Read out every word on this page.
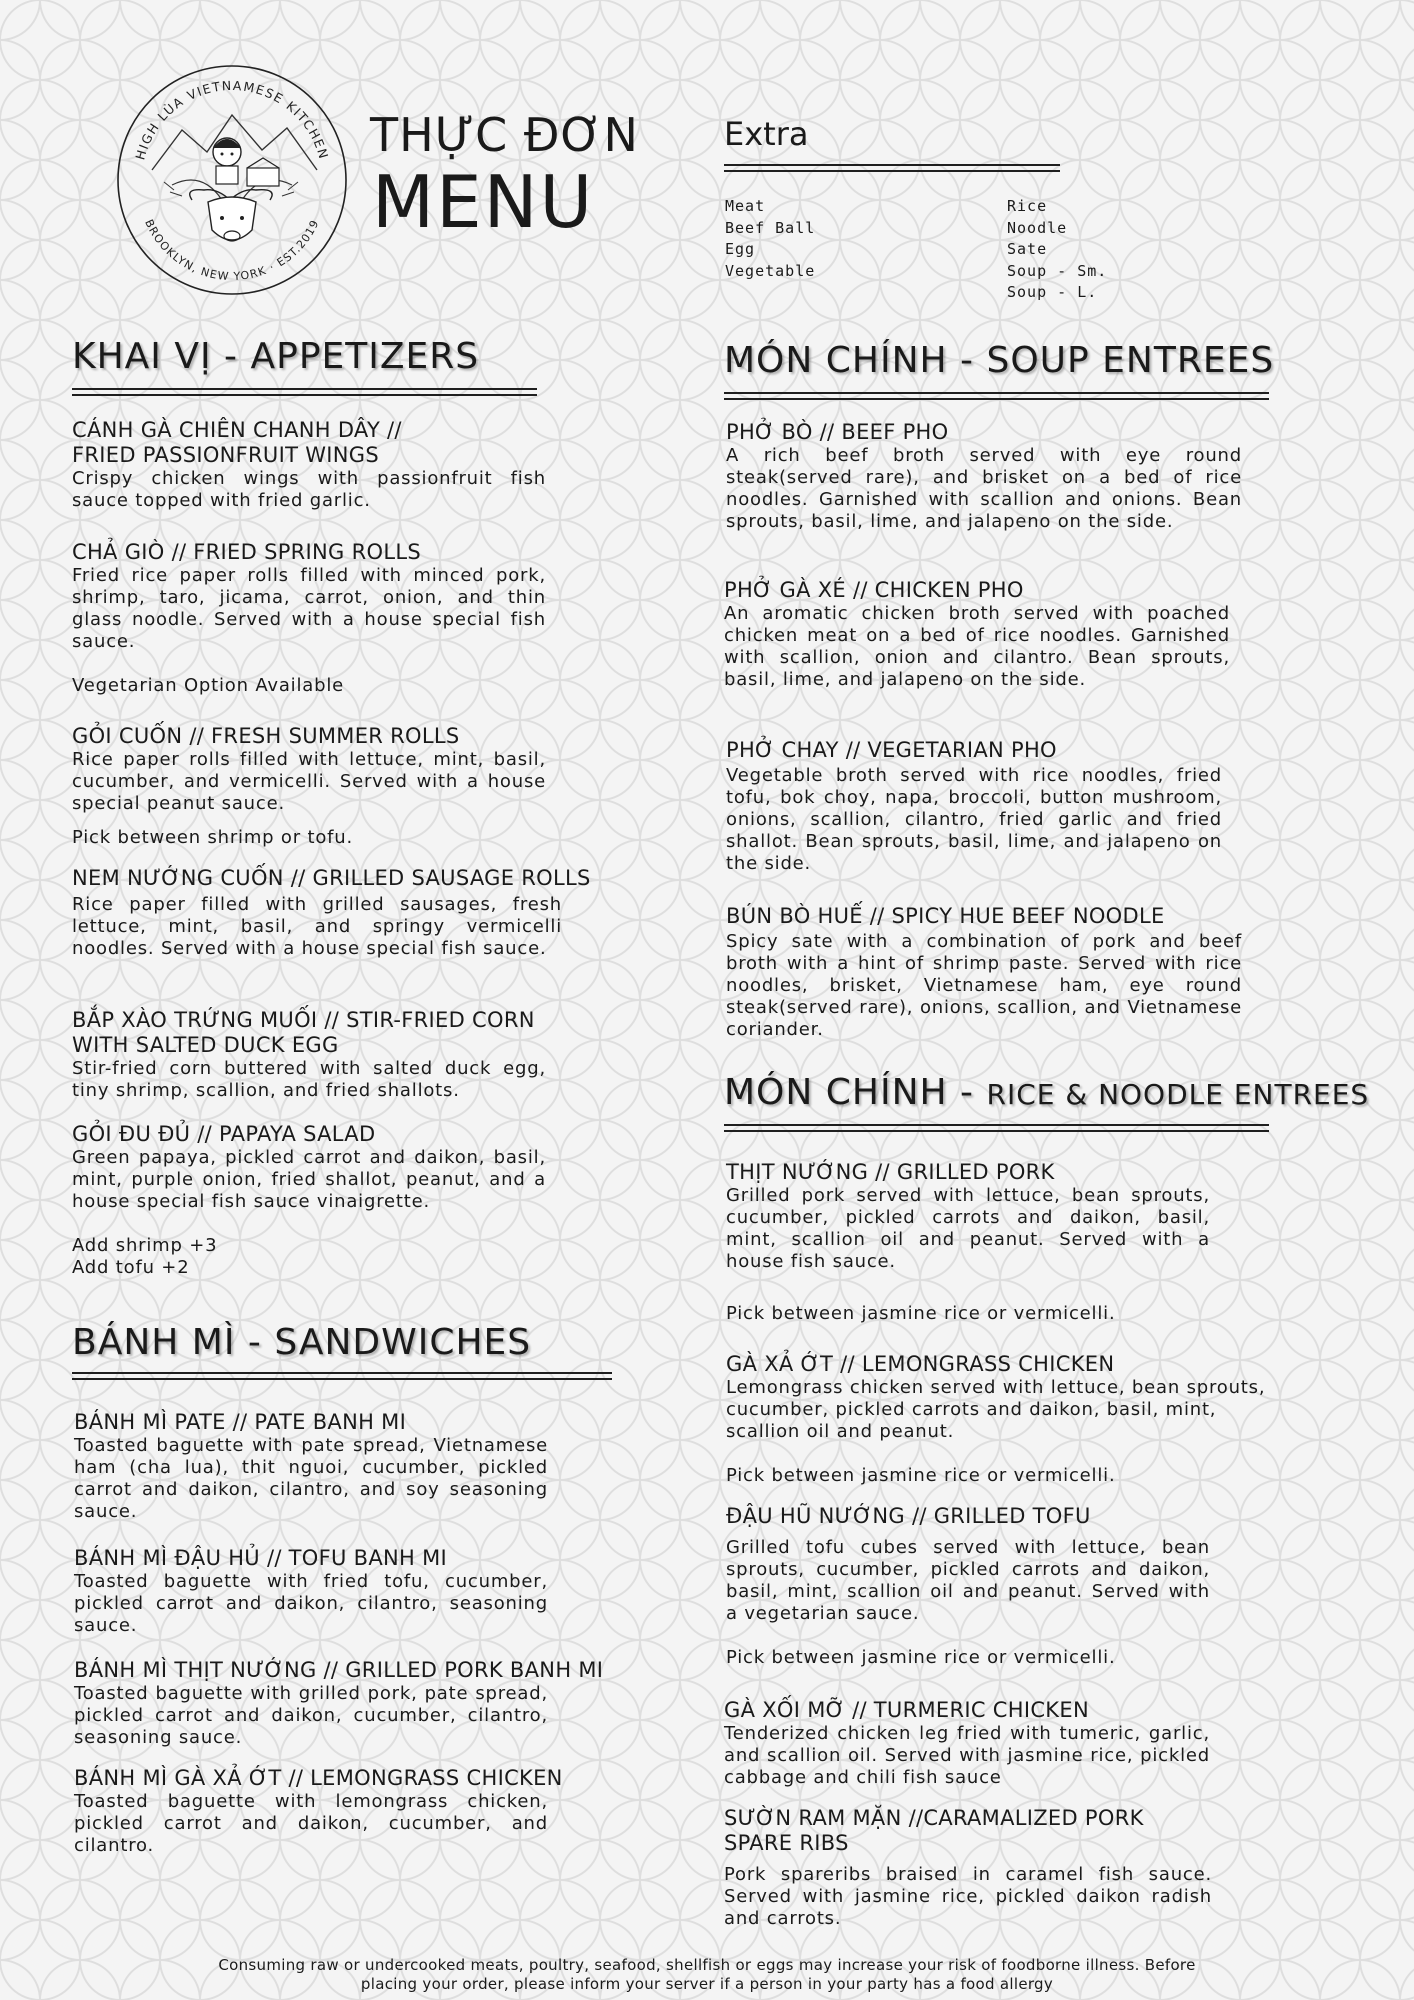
HIGH LÙA VIETNAMESE KITCHEN
BROOKLYN, NEW YORK · EST.2019
THỰC ĐƠN
MENU
Extra
Meat
Beef Ball
Egg
Vegetable
Rice
Noodle
Sate
Soup - Sm.
Soup - L.
KHAI VỊ - APPETIZERS
CÁNH GÀ CHIÊN CHANH DÂY //
FRIED PASSIONFRUIT WINGS
Crispy chicken wings with passionfruit fish sauce topped with fried garlic.
CHẢ GIÒ // FRIED SPRING ROLLS
Fried rice paper rolls filled with minced pork, shrimp, taro, jicama, carrot, onion, and thin glass noodle. Served with a house special fish sauce.
Vegetarian Option Available
GỎI CUỐN // FRESH SUMMER ROLLS
Rice paper rolls filled with lettuce, mint, basil, cucumber, and vermicelli. Served with a house special peanut sauce.
Pick between shrimp or tofu.
NEM NƯỚNG CUỐN // GRILLED SAUSAGE ROLLS
Rice paper filled with grilled sausages, fresh lettuce, mint, basil, and springy vermicelli noodles. Served with a house special fish sauce.
BẮP XÀO TRỨNG MUỐI // STIR-FRIED CORN
WITH SALTED DUCK EGG
Stir-fried corn buttered with salted duck egg, tiny shrimp, scallion, and fried shallots.
GỎI ĐU ĐỦ // PAPAYA SALAD
Green papaya, pickled carrot and daikon, basil, mint, purple onion, fried shallot, peanut, and a house special fish sauce vinaigrette.
Add shrimp +3
Add tofu +2
BÁNH MÌ - SANDWICHES
BÁNH MÌ PATE // PATE BANH MI
Toasted baguette with pate spread, Vietnamese ham (cha lua), thit nguoi, cucumber, pickled carrot and daikon, cilantro, and soy seasoning sauce.
BÁNH MÌ ĐẬU HỦ // TOFU BANH MI
Toasted baguette with fried tofu, cucumber, pickled carrot and daikon, cilantro, seasoning sauce.
BÁNH MÌ THỊT NƯỚNG // GRILLED PORK BANH MI
Toasted baguette with grilled pork, pate spread, pickled carrot and daikon, cucumber, cilantro, seasoning sauce.
BÁNH MÌ GÀ XẢ ỚT // LEMONGRASS CHICKEN
Toasted baguette with lemongrass chicken, pickled carrot and daikon, cucumber, and cilantro.
MÓN CHÍNH - SOUP ENTREES
PHỞ BÒ // BEEF PHO
A rich beef broth served with eye round steak(served rare), and brisket on a bed of rice noodles. Garnished with scallion and onions. Bean sprouts, basil, lime, and jalapeno on the side.
PHỞ GÀ XÉ // CHICKEN PHO
An aromatic chicken broth served with poached chicken meat on a bed of rice noodles. Garnished with scallion, onion and cilantro. Bean sprouts, basil, lime, and jalapeno on the side.
PHỞ CHAY // VEGETARIAN PHO
Vegetable broth served with rice noodles, fried tofu, bok choy, napa, broccoli, button mushroom, onions, scallion, cilantro, fried garlic and fried shallot. Bean sprouts, basil, lime, and jalapeno on the side.
BÚN BÒ HUẾ // SPICY HUE BEEF NOODLE
Spicy sate with a combination of pork and beef broth with a hint of shrimp paste. Served with rice noodles, brisket, Vietnamese ham, eye round steak(served rare), onions, scallion, and Vietnamese coriander.
MÓN CHÍNH - RICE & NOODLE ENTREES
THỊT NƯỚNG // GRILLED PORK
Grilled pork served with lettuce, bean sprouts, cucumber, pickled carrots and daikon, basil, mint, scallion oil and peanut. Served with a house fish sauce.
Pick between jasmine rice or vermicelli.
GÀ XẢ ỚT // LEMONGRASS CHICKEN
Lemongrass chicken served with lettuce, bean sprouts, cucumber, pickled carrots and daikon, basil, mint, scallion oil and peanut.
Pick between jasmine rice or vermicelli.
ĐẬU HŨ NƯỚNG // GRILLED TOFU
Grilled tofu cubes served with lettuce, bean sprouts, cucumber, pickled carrots and daikon, basil, mint, scallion oil and peanut. Served with a vegetarian sauce.
Pick between jasmine rice or vermicelli.
GÀ XỐI MỠ // TURMERIC CHICKEN
Tenderized chicken leg fried with tumeric, garlic, and scallion oil. Served with jasmine rice, pickled cabbage and chili fish sauce
SƯỜN RAM MẶN //CARAMALIZED PORK
SPARE RIBS
Pork spareribs braised in caramel fish sauce. Served with jasmine rice, pickled daikon radish and carrots.
Consuming raw or undercooked meats, poultry, seafood, shellfish or eggs may increase your risk of foodborne illness. Before
placing your order, please inform your server if a person in your party has a food allergy
